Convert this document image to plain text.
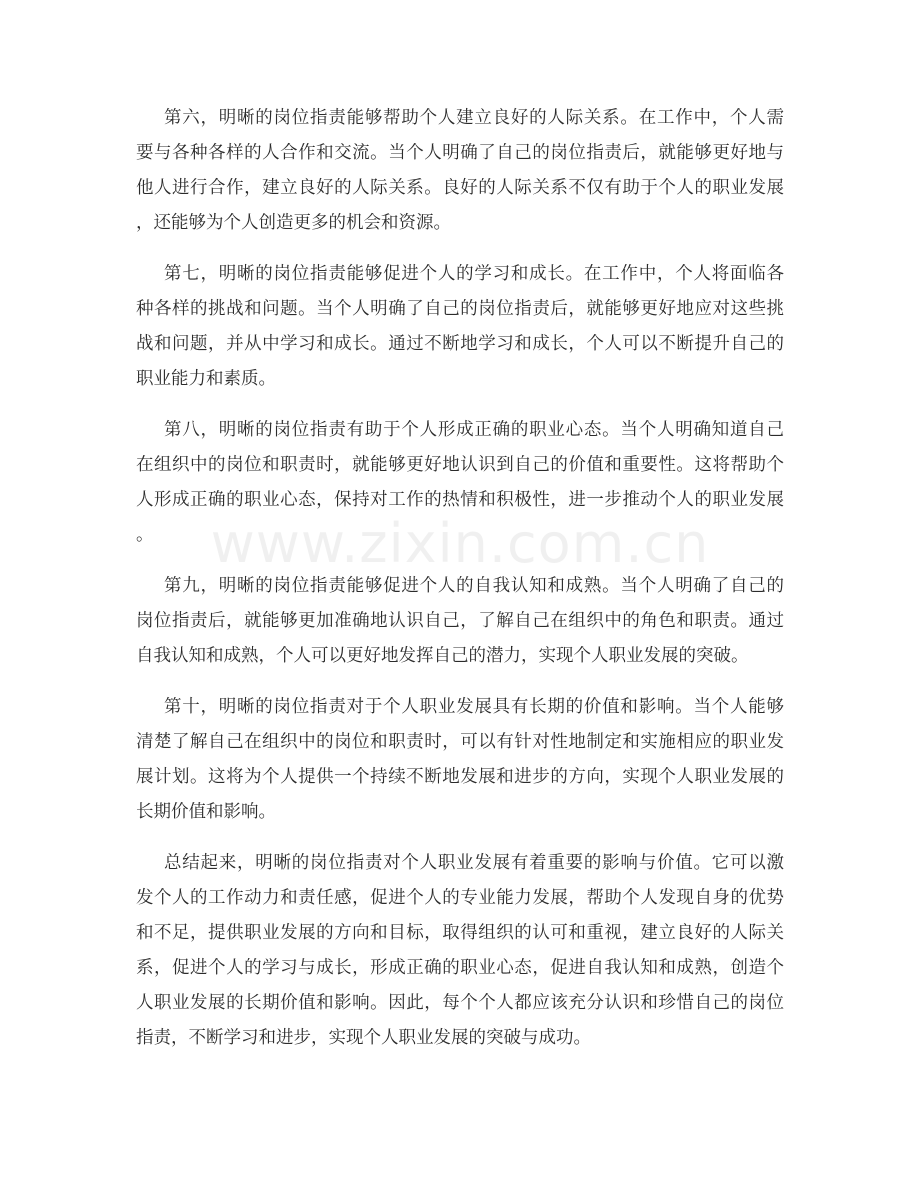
www.zixin.com.cn
第六，明晰的岗位指责能够帮助个人建立良好的人际关系。在工作中，个人需
要与各种各样的人合作和交流。当个人明确了自己的岗位指责后，就能够更好地与
他人进行合作，建立良好的人际关系。良好的人际关系不仅有助于个人的职业发展
，还能够为个人创造更多的机会和资源。
第七，明晰的岗位指责能够促进个人的学习和成长。在工作中，个人将面临各
种各样的挑战和问题。当个人明确了自己的岗位指责后，就能够更好地应对这些挑
战和问题，并从中学习和成长。通过不断地学习和成长，个人可以不断提升自己的
职业能力和素质。
第八，明晰的岗位指责有助于个人形成正确的职业心态。当个人明确知道自己
在组织中的岗位和职责时，就能够更好地认识到自己的价值和重要性。这将帮助个
人形成正确的职业心态，保持对工作的热情和积极性，进一步推动个人的职业发展
。
第九，明晰的岗位指责能够促进个人的自我认知和成熟。当个人明确了自己的
岗位指责后，就能够更加准确地认识自己，了解自己在组织中的角色和职责。通过
自我认知和成熟，个人可以更好地发挥自己的潜力，实现个人职业发展的突破。
第十，明晰的岗位指责对于个人职业发展具有长期的价值和影响。当个人能够
清楚了解自己在组织中的岗位和职责时，可以有针对性地制定和实施相应的职业发
展计划。这将为个人提供一个持续不断地发展和进步的方向，实现个人职业发展的
长期价值和影响。
总结起来，明晰的岗位指责对个人职业发展有着重要的影响与价值。它可以激
发个人的工作动力和责任感，促进个人的专业能力发展，帮助个人发现自身的优势
和不足，提供职业发展的方向和目标，取得组织的认可和重视，建立良好的人际关
系，促进个人的学习与成长，形成正确的职业心态，促进自我认知和成熟，创造个
人职业发展的长期价值和影响。因此，每个个人都应该充分认识和珍惜自己的岗位
指责，不断学习和进步，实现个人职业发展的突破与成功。
